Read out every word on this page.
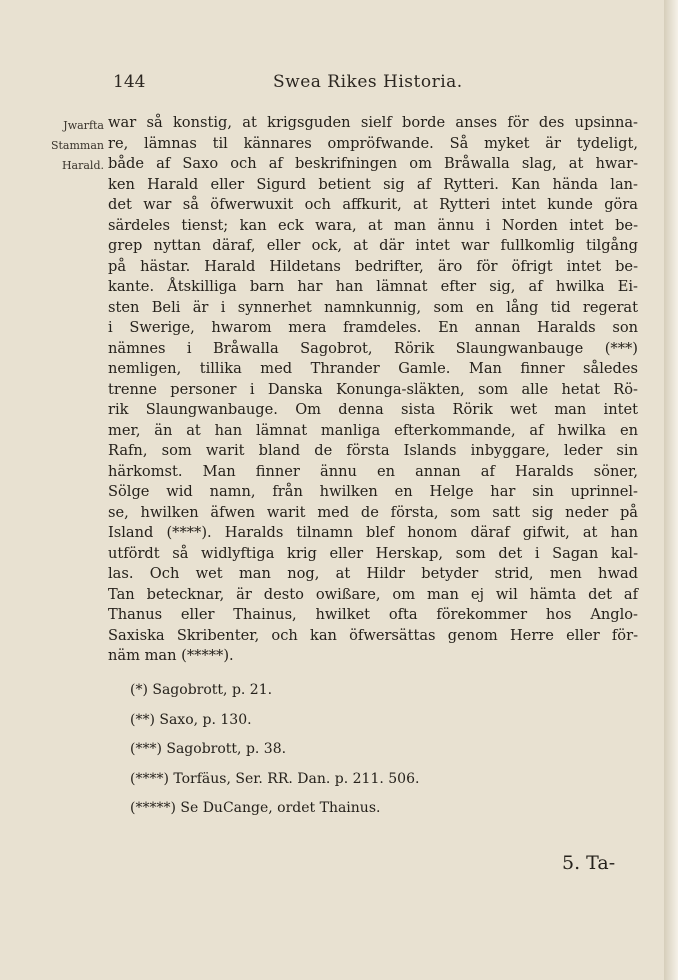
144	Swea Rikes Historia.
Jwarfta
Stamman
Harald.
war så konstig, at krigsguden sielf borde anses för des upsinna-
re, lämnas til kännares ompröfwande. Så myket är tydeligt,
både af Saxo och af beskrifningen om Bråwalla slag, at hwar-
ken Harald eller Sigurd betient sig af Rytteri. Kan hända lan-
det war så öfwerwuxit och affkurit, at Rytteri intet kunde göra
särdeles tienst; kan eck wara, at man ännu i Norden intet be-
grep nyttan däraf, eller ock, at där intet war fullkomlig tilgång
på hästar. Harald Hildetans bedrifter, äro för öfrigt intet be-
kante. Åtskilliga barn har han lämnat efter sig, af hwilka Ei-
sten Beli är i synnerhet namnkunnig, som en lång tid regerat
i Swerige, hwarom mera framdeles. En annan Haralds son
nämnes i Bråwalla Sagobrot, Rörik Slaungwanbauge (***)
nemligen, tillika med Thrander Gamle. Man finner således
trenne personer i Danska Konunga-släkten, som alle hetat Rö-
rik Slaungwanbauge. Om denna sista Rörik wet man intet
mer, än at han lämnat manliga efterkommande, af hwilka en
Rafn, som warit bland de första Islands inbyggare, leder sin
härkomst. Man finner ännu en annan af Haralds söner,
Sölge wid namn, från hwilken en Helge har sin uprinnel-
se, hwilken äfwen warit med de första, som satt sig neder på
Island (****). Haralds tilnamn blef honom däraf gifwit, at han
utfördt så widlyftiga krig eller Herskap, som det i Sagan kal-
las. Och wet man nog, at Hildr betyder strid, men hwad
Tan betecknar, är desto owißare, om man ej wil hämta det af
Thanus eller Thainus, hwilket ofta förekommer hos Anglo-
Saxiska Skribenter, och kan öfwersättas genom Herre eller för-
näm man (*****).
(*) Sagobrott, p. 21.
(**) Saxo, p. 130.
(***) Sagobrott, p. 38.
(****) Torfäus, Ser. RR. Dan. p. 211. 506.
(*****) Se DuCange, ordet Thainus.
5. Ta-
